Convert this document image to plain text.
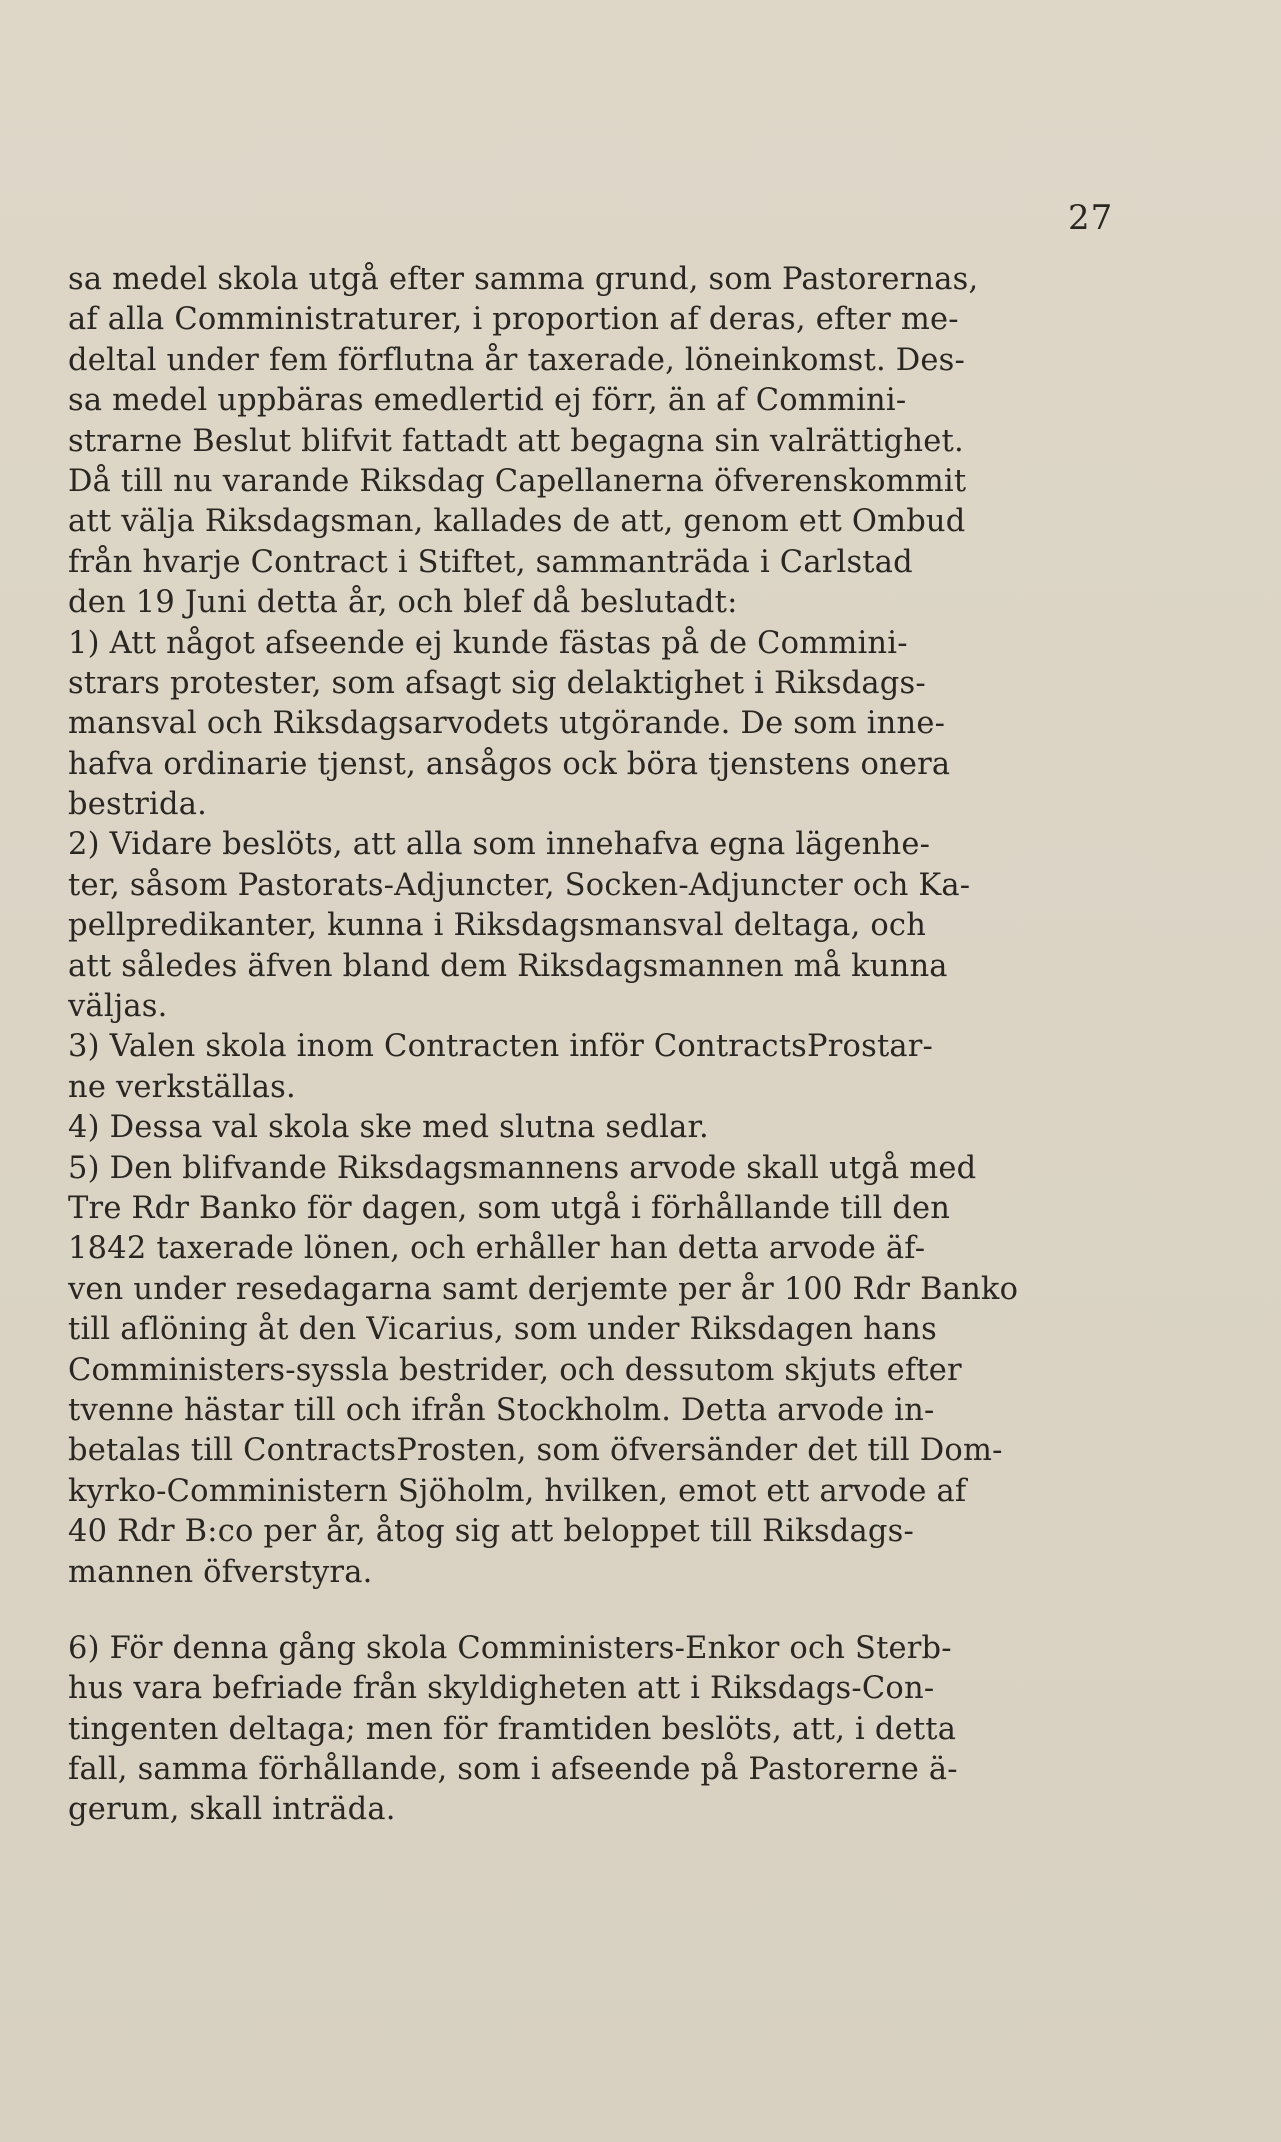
27
sa medel skola utgå efter samma grund, som Pastorernas,
af alla Comministraturer, i proportion af deras, efter me-
deltal under fem förflutna år taxerade, löneinkomst. Des-
sa medel uppbäras emedlertid ej förr, än af Commini-
strarne Beslut blifvit fattadt att begagna sin valrättighet.
Då till nu varande Riksdag Capellanerna öfverenskommit
att välja Riksdagsman, kallades de att, genom ett Ombud
från hvarje Contract i Stiftet, sammanträda i Carlstad
den 19 Juni detta år, och blef då beslutadt:
1) Att något afseende ej kunde fästas på de Commini-
strars protester, som afsagt sig delaktighet i Riksdags-
mansval och Riksdagsarvodets utgörande. De som inne-
hafva ordinarie tjenst, ansågos ock böra tjenstens onera
bestrida.
2) Vidare beslöts, att alla som innehafva egna lägenhe-
ter, såsom Pastorats-Adjuncter, Socken-Adjuncter och Ka-
pellpredikanter, kunna i Riksdagsmansval deltaga, och
att således äfven bland dem Riksdagsmannen må kunna
väljas.
3) Valen skola inom Contracten inför ContractsProstar-
ne verkställas.
4) Dessa val skola ske med slutna sedlar.
5) Den blifvande Riksdagsmannens arvode skall utgå med
Tre Rdr Banko för dagen, som utgå i förhållande till den
1842 taxerade lönen, och erhåller han detta arvode äf-
ven under resedagarna samt derjemte per år 100 Rdr Banko
till aflöning åt den Vicarius, som under Riksdagen hans
Comministers-syssla bestrider, och dessutom skjuts efter
tvenne hästar till och ifrån Stockholm. Detta arvode in-
betalas till ContractsProsten, som öfversänder det till Dom-
kyrko-Comministern Sjöholm, hvilken, emot ett arvode af
40 Rdr B:co per år, åtog sig att beloppet till Riksdags-
mannen öfverstyra.
6) För denna gång skola Comministers-Enkor och Sterb-
hus vara befriade från skyldigheten att i Riksdags-Con-
tingenten deltaga; men för framtiden beslöts, att, i detta
fall, samma förhållande, som i afseende på Pastorerne ä-
gerum, skall inträda.
